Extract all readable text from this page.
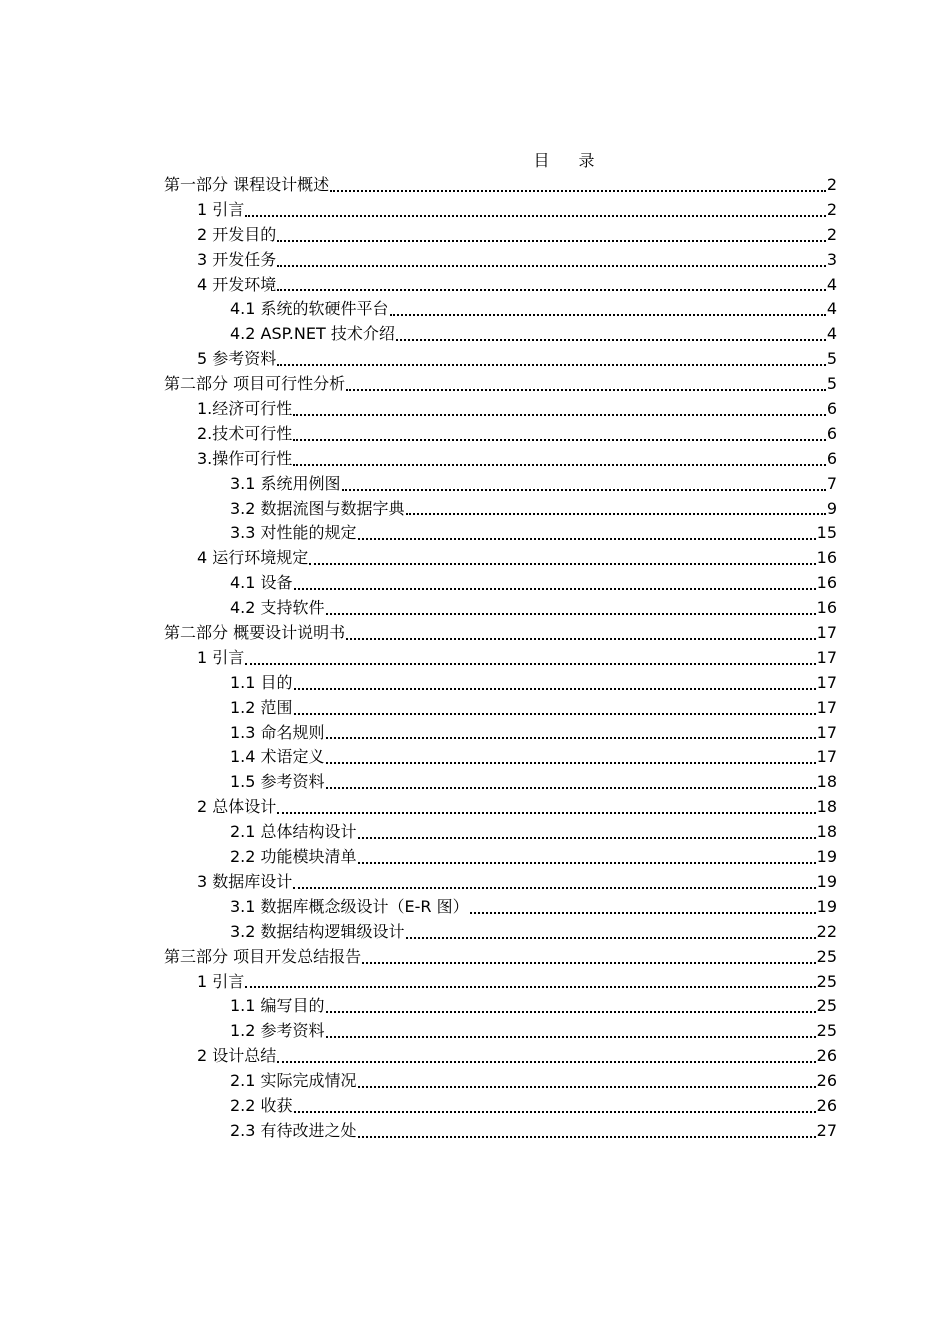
目 录
第一部分 课程设计概述	2
1 引言	2
2 开发目的	2
3 开发任务	3
4 开发环境	4
4.1 系统的软硬件平台	4
4.2 ASP.NET 技术介绍	4
5 参考资料	5
第二部分 项目可行性分析	5
1.经济可行性	6
2.技术可行性	6
3.操作可行性	6
3.1 系统用例图	7
3.2 数据流图与数据字典	9
3.3 对性能的规定	15
4 运行环境规定	16
4.1 设备	16
4.2 支持软件	16
第二部分 概要设计说明书	17
1 引言	17
1.1 目的	17
1.2 范围	17
1.3 命名规则	17
1.4 术语定义	17
1.5 参考资料	18
2 总体设计	18
2.1 总体结构设计	18
2.2 功能模块清单	19
3 数据库设计	19
3.1 数据库概念级设计（E-R 图）	19
3.2 数据结构逻辑级设计	22
第三部分 项目开发总结报告	25
1 引言	25
1.1 编写目的	25
1.2 参考资料	25
2 设计总结	26
2.1 实际完成情况	26
2.2 收获	26
2.3 有待改进之处	27
